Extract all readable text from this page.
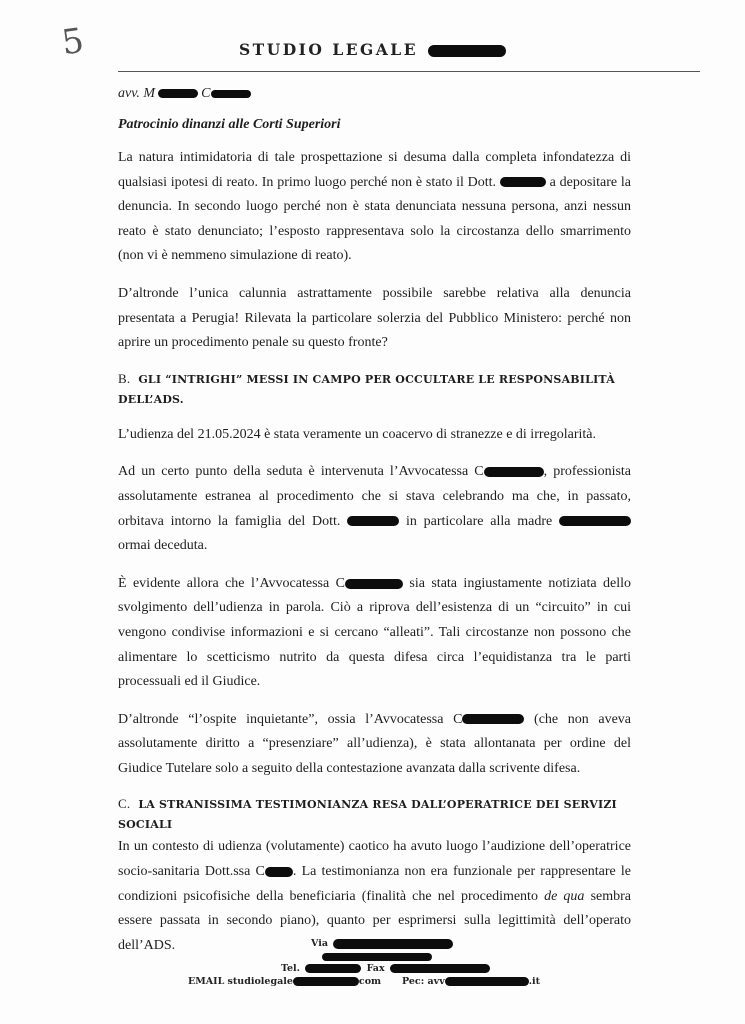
5	STUDIO LEGALE
avv. M	C
Patrocinio dinanzi alle Corti Superiori

La natura intimidatoria di tale prospettazione si desuma dalla completa infondatezza di qualsiasi ipotesi di reato. In primo luogo perché non è stato il Dott.	a depositare la denuncia. In secondo luogo perché non è stata denunciata nessuna persona, anzi nessun reato è stato denunciato; l’esposto rappresentava solo la circostanza dello smarrimento (non vi è nemmeno simulazione di reato).

D’altronde l’unica calunnia astrattamente possibile sarebbe relativa alla denuncia presentata a Perugia! Rilevata la particolare solerzia del Pubblico Ministero: perché non aprire un procedimento penale su questo fronte?

B. GLI “INTRIGHI” MESSI IN CAMPO PER OCCULTARE LE RESPONSABILITÀ DELL’ADS.

L’udienza del 21.05.2024 è stata veramente un coacervo di stranezze e di irregolarità.

Ad un certo punto della seduta è intervenuta l’Avvocatessa C	, professionista assolutamente estranea al procedimento che si stava celebrando ma che, in passato, orbitava intorno la famiglia del Dott.	in particolare alla madre  ormai deceduta.

È evidente allora che l’Avvocatessa C	sia stata ingiustamente notiziata dello svolgimento dell’udienza in parola. Ciò a riprova dell’esistenza di un “circuito” in cui vengono condivise informazioni e si cercano “alleati”. Tali circostanze non possono che alimentare lo scetticismo nutrito da questa difesa circa l’equidistanza tra le parti processuali ed il Giudice.

D’altronde “l’ospite inquietante”, ossia l’Avvocatessa C	(che non aveva assolutamente diritto a “presenziare” all’udienza), è stata allontanata per ordine del Giudice Tutelare solo a seguito della contestazione avanzata dalla scrivente difesa.

C. LA STRANISSIMA TESTIMONIANZA RESA DALL’OPERATRICE DEI SERVIZI SOCIALI

In un contesto di udienza (volutamente) caotico ha avuto luogo l’audizione dell’operatrice socio-sanitaria Dott.ssa C . La testimonianza non era funzionale per rappresentare le condizioni psicofisiche della beneficiaria (finalità che nel procedimento de qua sembra essere passata in secondo piano), quanto per esprimersi sulla legittimità dell’operato dell’ADS.	Via
Tel.	Fax
EMAIL studiolegale	com Pec: avv	.it
